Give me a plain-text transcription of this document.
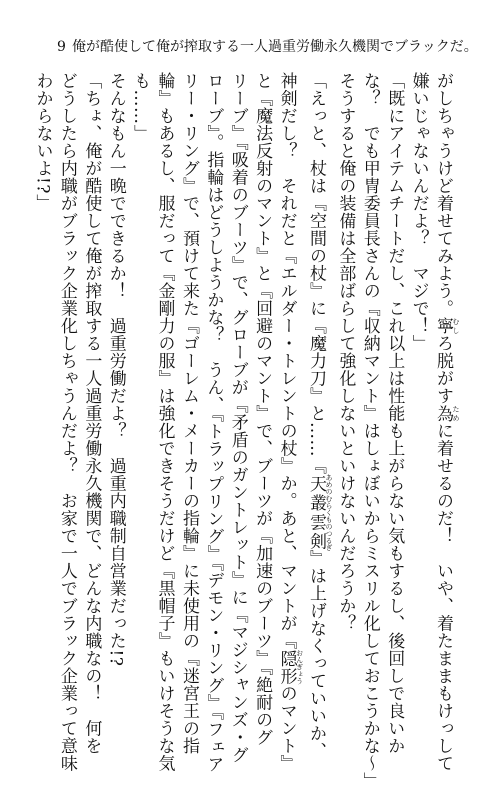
9 俺が酷使して俺が搾取する一人過重労働永久機関でブラックだ。
がしちゃうけど着せてみよう。寧 むしろ脱がす為 ために着せるのだ！　いや、着たままもけっして
嫌いじゃないんだよ？　マジで！」
「既にアイテムチートだし、これ以上は性能も上がらない気もするし、後回しで良いか
な？　でも甲冑委員長さんの『収納マント』はしょぼいからミスリル化しておこうかな～」
そうすると俺の装備は全部ばらして強化しないといけないんだろうか？
「えっと、杖は『空間の杖』に『魔力刀』と……『天叢雲剣 あめのむらくものつるぎ』は上げなくっていいか、
神剣だし？　それだと『エルダー・トレントの杖』か。あと、マントが『隠形 おんぎょうのマント』
と『魔法反射のマント』と『回避のマント』で、ブーツが『加速のブーツ』『絶耐のグ
リーブ』『吸着のブーツ』で、グローブが『矛盾のガントレット』に『マジシャンズ・グ
ローブ』。指輪はどうしようかな？　うん、『トラップリング』『デモン・リング』『フェア
リー・リング』で、預けて来た『ゴーレム・メーカーの指輪』に未使用の『迷宮王の指
輪』もあるし、服だって『金剛力の服』は強化できそうだけど『黒帽子』もいけそうな気
も……」
そんなもん一晩でできるか！　過重労働だよ？　過重内職制自営業だった!?
「ちょ、俺が酷使して俺が搾取する一人過重労働永久機関で、どんな内職なの！　何を
どうしたら内職がブラック企業化しちゃうんだよ？　お家で一人でブラック企業って意味
わからないよ!?」
